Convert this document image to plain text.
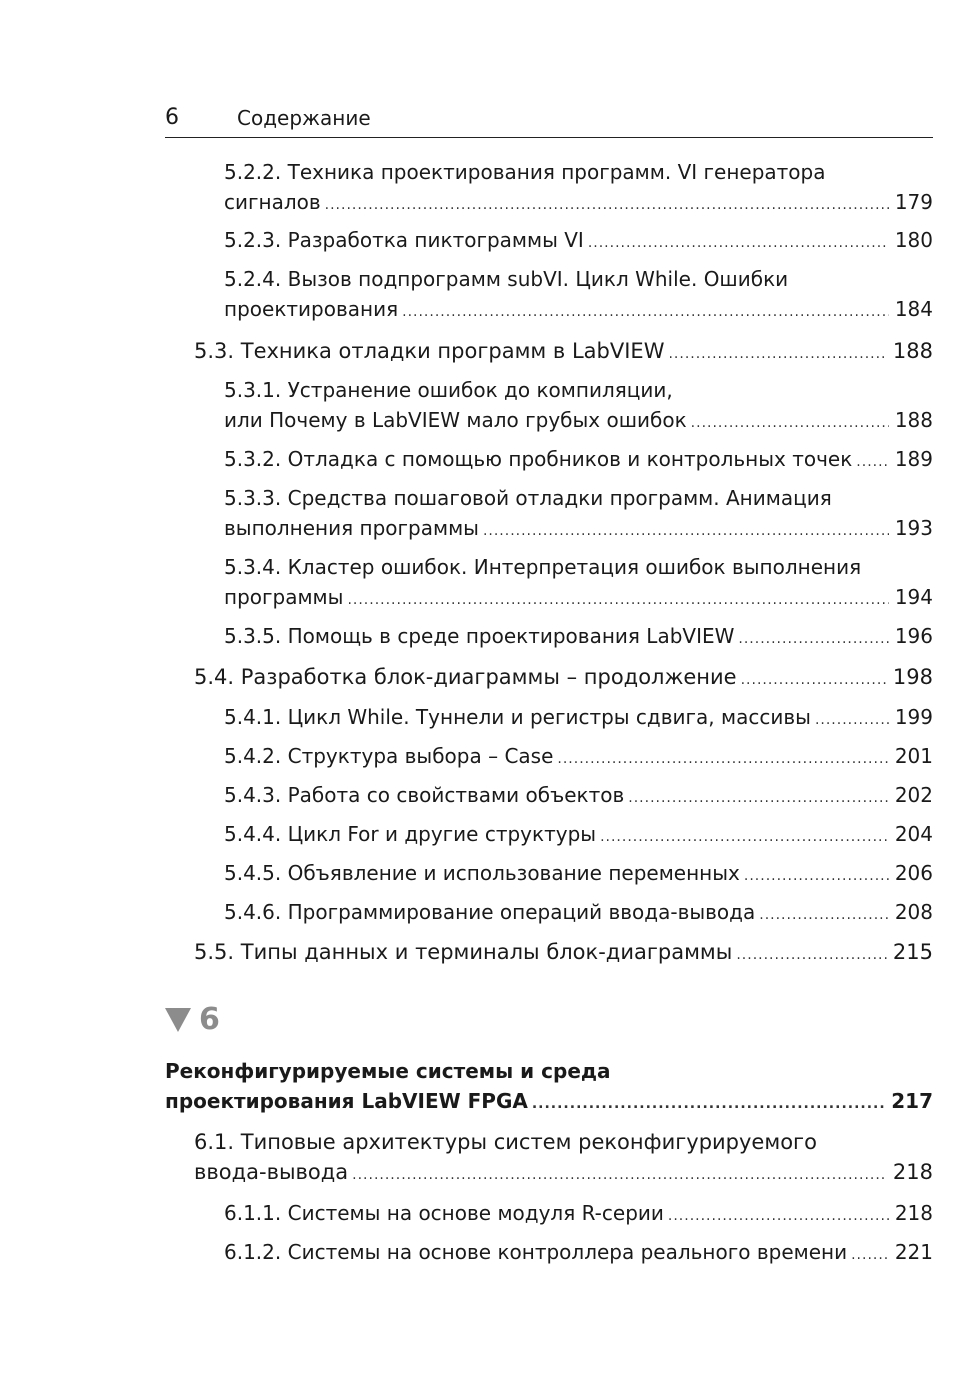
6	Содержание
6
5.2.2. Техника проектирования программ. VI генератора
сигналов .....	179
5.2.3. Разработка пиктограммы VI .....	180
5.2.4. Вызов подпрограмм subVI. Цикл While. Ошибки
проектирования .....	184
5.3. Техника отладки программ в LabVIEW .....	188
5.3.1. Устранение ошибок до компиляции,
или Почему в LabVIEW мало грубых ошибок .....	188
5.3.2. Отладка с помощью пробников и контрольных точек ..... 189
5.3.3. Средства пошаговой отладки программ. Анимация
выполнения программы .....	193
5.3.4. Кластер ошибок. Интерпретация ошибок выполнения
программы .....	194
5.3.5. Помощь в среде проектирования LabVIEW .....	196
5.4. Разработка блок-диаграммы – продолжение .....	198
5.4.1. Цикл While. Туннели и регистры сдвига, массивы .....	199
5.4.2. Структура выбора – Case .....	201
5.4.3. Работа со свойствами объектов .....	202
5.4.4. Цикл For и другие структуры .....	204
5.4.5. Объявление и использование переменных .....	206
5.4.6. Программирование операций ввода-вывода .....	208
5.5. Типы данных и терминалы блок-диаграммы .....	215
Реконфигурируемые системы и среда
проектирования LabVIEW FPGA .....	217
6.1. Типовые архитектуры систем реконфигурируемого
ввода-вывода .....	218
6.1.1. Системы на основе модуля R-серии .....	218
6.1.2. Системы на основе контроллера реального времени ..... 221
